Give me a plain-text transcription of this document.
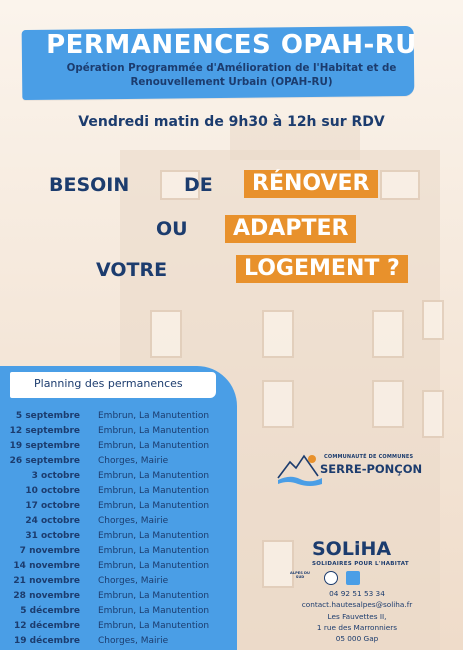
PERMANENCES OPAH-RU
Opération Programmée d'Amélioration de l'Habitat et de
Renouvellement Urbain (OPAH-RU)
Vendredi matin de 9h30 à 12h sur RDV
BESOIN	DE	RÉNOVER
OU	ADAPTER
VOTRE	LOGEMENT ?
Planning des permanences
5 septembre Embrun, La Manutention
12 septembre Embrun, La Manutention
19 septembre Embrun, La Manutention
26 septembre Chorges, Mairie
3 octobre Embrun, La Manutention
10 octobre Embrun, La Manutention
17 octobre Embrun, La Manutention
24 octobre Chorges, Mairie
31 octobre Embrun, La Manutention
7 novembre Embrun, La Manutention
14 novembre Embrun, La Manutention
21 novembre Chorges, Mairie
28 novembre Embrun, La Manutention
5 décembre Embrun, La Manutention
12 décembre Embrun, La Manutention
19 décembre Chorges, Mairie
COMMUNAUTÉ DE COMMUNES
SERRE-PONÇON
SOLiHA
SOLIDAIRES POUR L'HABITAT
ALPES DU SUD
04 92 51 53 34
contact.hautesalpes@soliha.fr
Les Fauvettes II,
1 rue des Marronniers
05 000 Gap
